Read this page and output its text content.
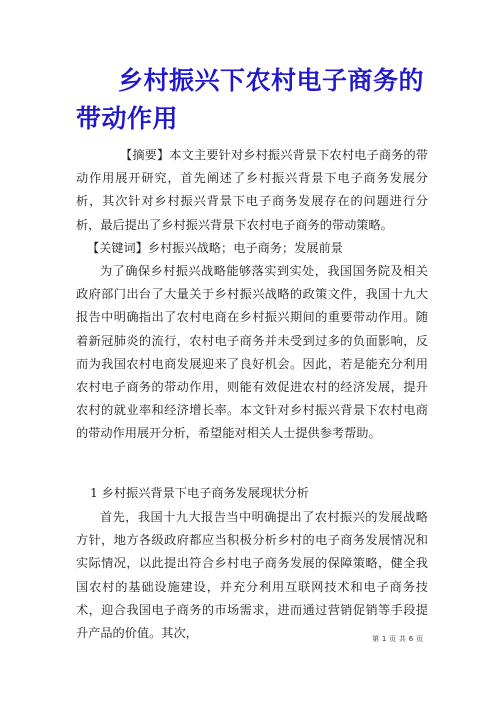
乡村振兴下农村电子商务的带动作用

【摘要】本文主要针对乡村振兴背景下农村电子商务的带动作用展开研究，首先阐述了乡村振兴背景下电子商务发展分析，其次针对乡村振兴背景下电子商务发展存在的问题进行分析，最后提出了乡村振兴背景下农村电子商务的带动策略。

【关键词】乡村振兴战略；电子商务；发展前景

为了确保乡村振兴战略能够落实到实处，我国国务院及相关政府部门出台了大量关于乡村振兴战略的政策文件，我国十九大报告中明确指出了农村电商在乡村振兴期间的重要带动作用。随着新冠肺炎的流行，农村电子商务并未受到过多的负面影响，反而为我国农村电商发展迎来了良好机会。因此，若是能充分利用农村电子商务的带动作用，则能有效促进农村的经济发展，提升农村的就业率和经济增长率。本文针对乡村振兴背景下农村电商的带动作用展开分析，希望能对相关人士提供参考帮助。

1 乡村振兴背景下电子商务发展现状分析

首先，我国十九大报告当中明确提出了农村振兴的发展战略方针，地方各级政府都应当积极分析乡村的电子商务发展情况和实际情况，以此提出符合乡村电子商务发展的保障策略，健全我国农村的基础设施建设，并充分利用互联网技术和电子商务技术，迎合我国电子商务的市场需求，进而通过营销促销等手段提升产品的价值。其次，	第 1 页 共 6 页
